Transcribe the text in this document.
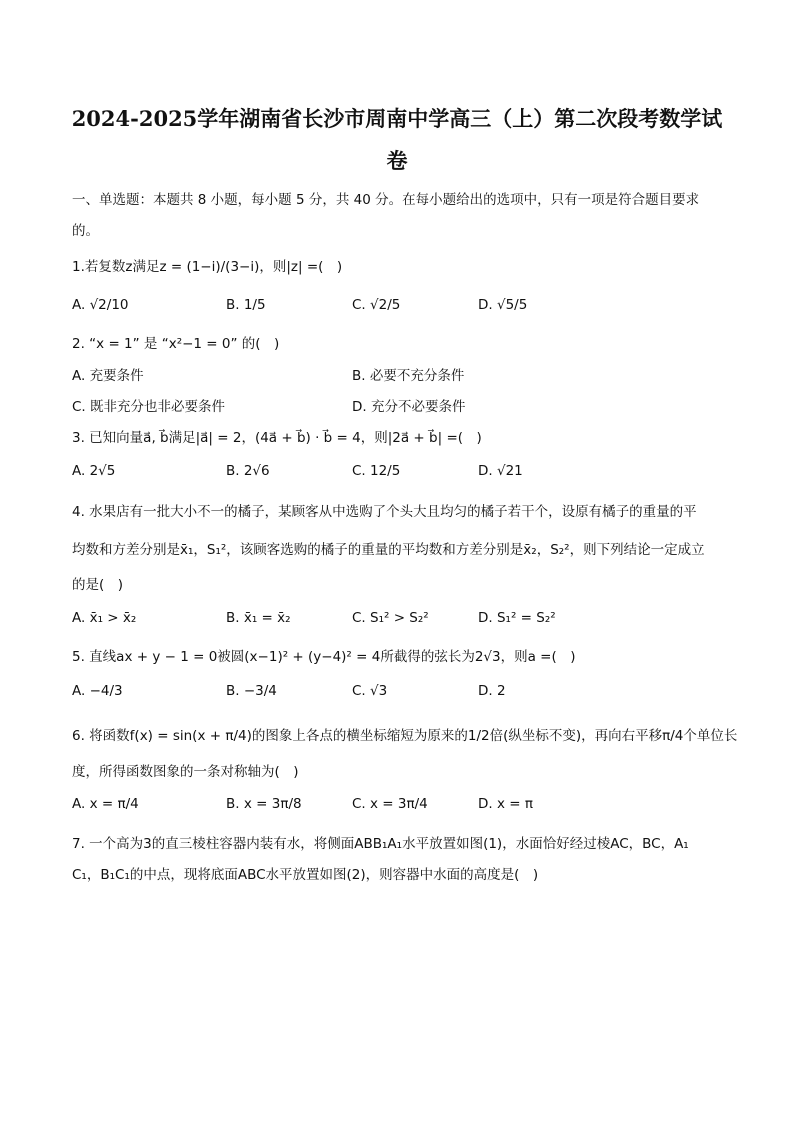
2024-2025学年湖南省长沙市周南中学高三（上）第二次段考数学试
卷
一、单选题：本题共 8 小题，每小题 5 分，共 40 分。在每小题给出的选项中，只有一项是符合题目要求
的。
1.若复数z满足z = (1−i)/(3−i)，则|z| =(　)
A. √2/10	B. 1/5	C. √2/5	D. √5/5
2. “x = 1” 是 “x²−1 = 0” 的(　)
A. 充要条件	B. 必要不充分条件
C. 既非充分也非必要条件	D. 充分不必要条件
3. 已知向量a⃗, b⃗满足|a⃗| = 2，(4a⃗ + b⃗) · b⃗ = 4，则|2a⃗ + b⃗| =(　)
A. 2√5	B. 2√6	C. 12/5	D. √21
4. 水果店有一批大小不一的橘子，某顾客从中选购了个头大且均匀的橘子若干个，设原有橘子的重量的平
均数和方差分别是x̄₁，S₁²，该顾客选购的橘子的重量的平均数和方差分别是x̄₂，S₂²，则下列结论一定成立
的是(　)
A. x̄₁ > x̄₂	B. x̄₁ = x̄₂	C. S₁² > S₂²	D. S₁² = S₂²
5. 直线ax + y − 1 = 0被圆(x−1)² + (y−4)² = 4所截得的弦长为2√3，则a =(　)
A. −4/3	B. −3/4	C. √3	D. 2
6. 将函数f(x) = sin(x + π/4)的图象上各点的横坐标缩短为原来的1/2倍(纵坐标不变)，再向右平移π/4个单位长
度，所得函数图象的一条对称轴为(　)
A. x = π/4	B. x = 3π/8	C. x = 3π/4	D. x = π
7. 一个高为3的直三棱柱容器内装有水，将侧面ABB₁A₁水平放置如图(1)，水面恰好经过棱AC，BC，A₁
C₁，B₁C₁的中点，现将底面ABC水平放置如图(2)，则容器中水面的高度是(　)
